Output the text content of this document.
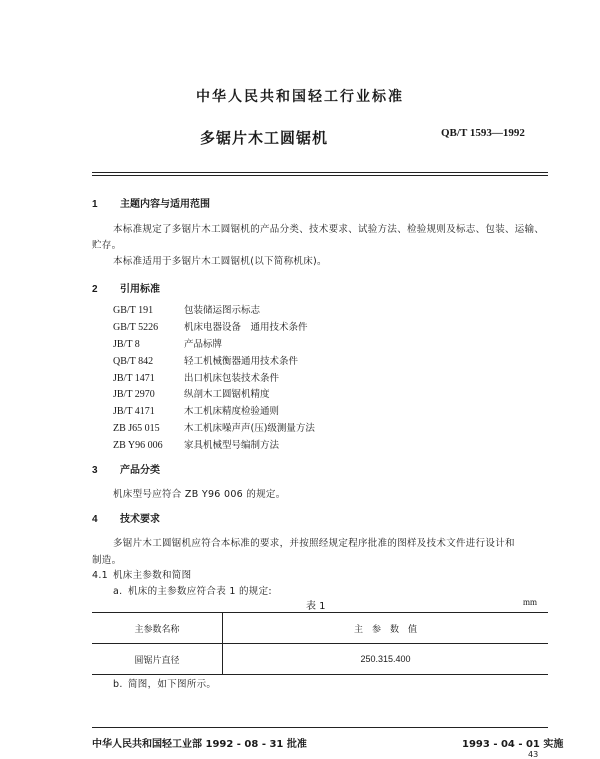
中华人民共和国轻工行业标准
多锯片木工圆锯机	QB/T 1593—1992
1 主题内容与适用范围
本标准规定了多锯片木工圆锯机的产品分类、技术要求、试验方法、检验规则及标志、包装、运输、
贮存。
本标准适用于多锯片木工圆锯机(以下简称机床)。
2 引用标准
GB/T 191	包装储运图示标志
GB/T 5226	机床电器设备　通用技术条件
JB/T 8	产品标牌
QB/T 842	轻工机械衡器通用技术条件
JB/T 1471	出口机床包装技术条件
JB/T 2970	纵剖木工圆锯机精度
JB/T 4171	木工机床精度检验通则
ZB J65 015	木工机床噪声声(压)级测量方法
ZB Y96 006 家具机械型号编制方法
3 产品分类
机床型号应符合 ZB Y96 006 的规定。
4 技术要求
多锯片木工圆锯机应符合本标准的要求，并按照经规定程序批准的图样及技术文件进行设计和
制造。
4.1 机床主参数和简图
a. 机床的主参数应符合表 1 的规定:
表 1	mm
主参数名称	主　参　数　值
圆锯片直径	250.315.400
b. 简图，如下图所示。
中华人民共和国轻工业部 1992 - 08 - 31 批准	1993 - 04 - 01 实施
43
